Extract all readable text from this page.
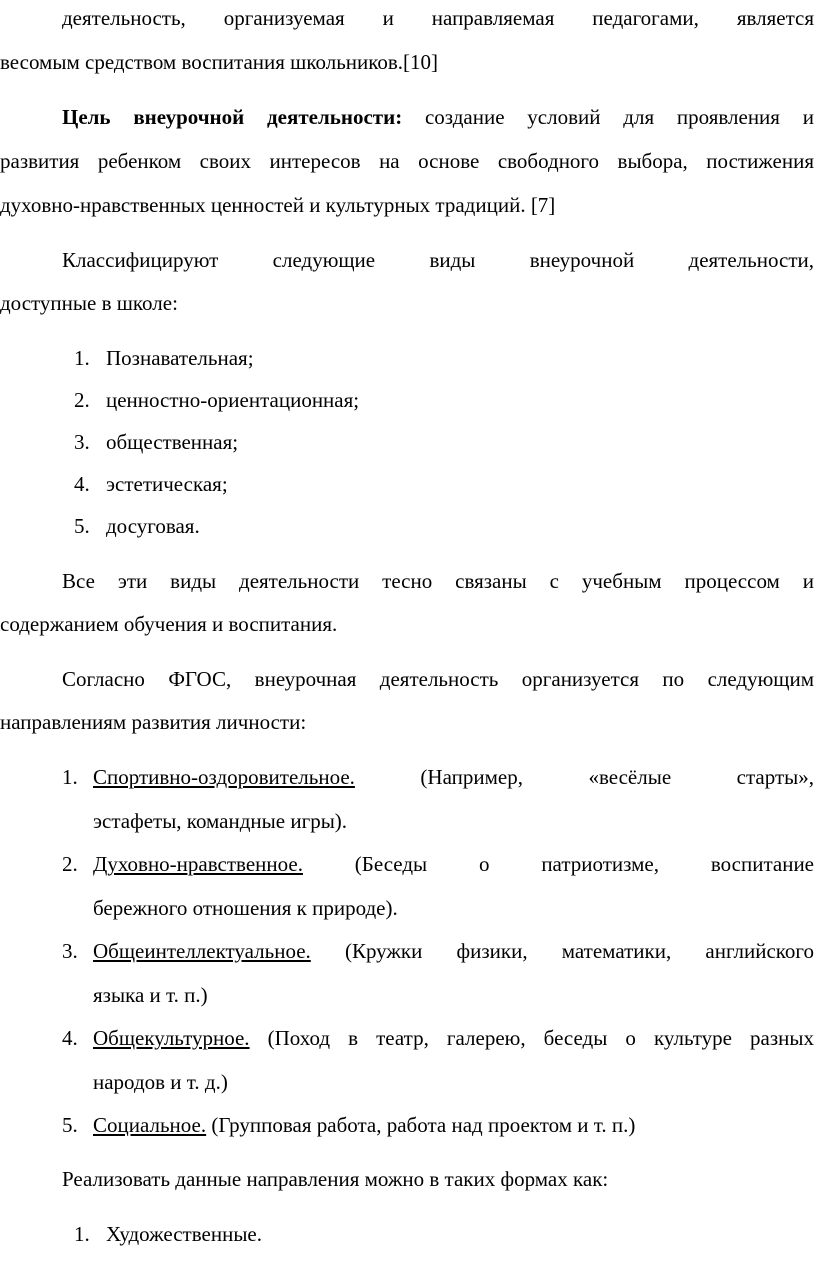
деятельность, организуемая и направляемая педагогами, является
весомым средством воспитания школьников.[10]
Цель внеурочной деятельности: создание условий для проявления и
развития ребенком своих интересов на основе свободного выбора, постижения
духовно-нравственных ценностей и культурных традиций. [7]
Классифицируют следующие виды внеурочной деятельности,
доступные в школе:
1. Познавательная;
2. ценностно-ориентационная;
3. общественная;
4. эстетическая;
5. досуговая.
Все эти виды деятельности тесно связаны с учебным процессом и
содержанием обучения и воспитания.
Согласно ФГОС, внеурочная деятельность организуется по следующим
направлениям развития личности:
1. Спортивно-оздоровительное. (Например, «весёлые старты»,
эстафеты, командные игры).
2. Духовно-нравственное. (Беседы о патриотизме, воспитание
бережного отношения к природе).
3. Общеинтеллектуальное. (Кружки физики, математики, английского
языка и т. п.)
4. Общекультурное. (Поход в театр, галерею, беседы о культуре разных
народов и т. д.)
5. Социальное. (Групповая работа, работа над проектом и т. п.)
Реализовать данные направления можно в таких формах как:
1. Художественные.
